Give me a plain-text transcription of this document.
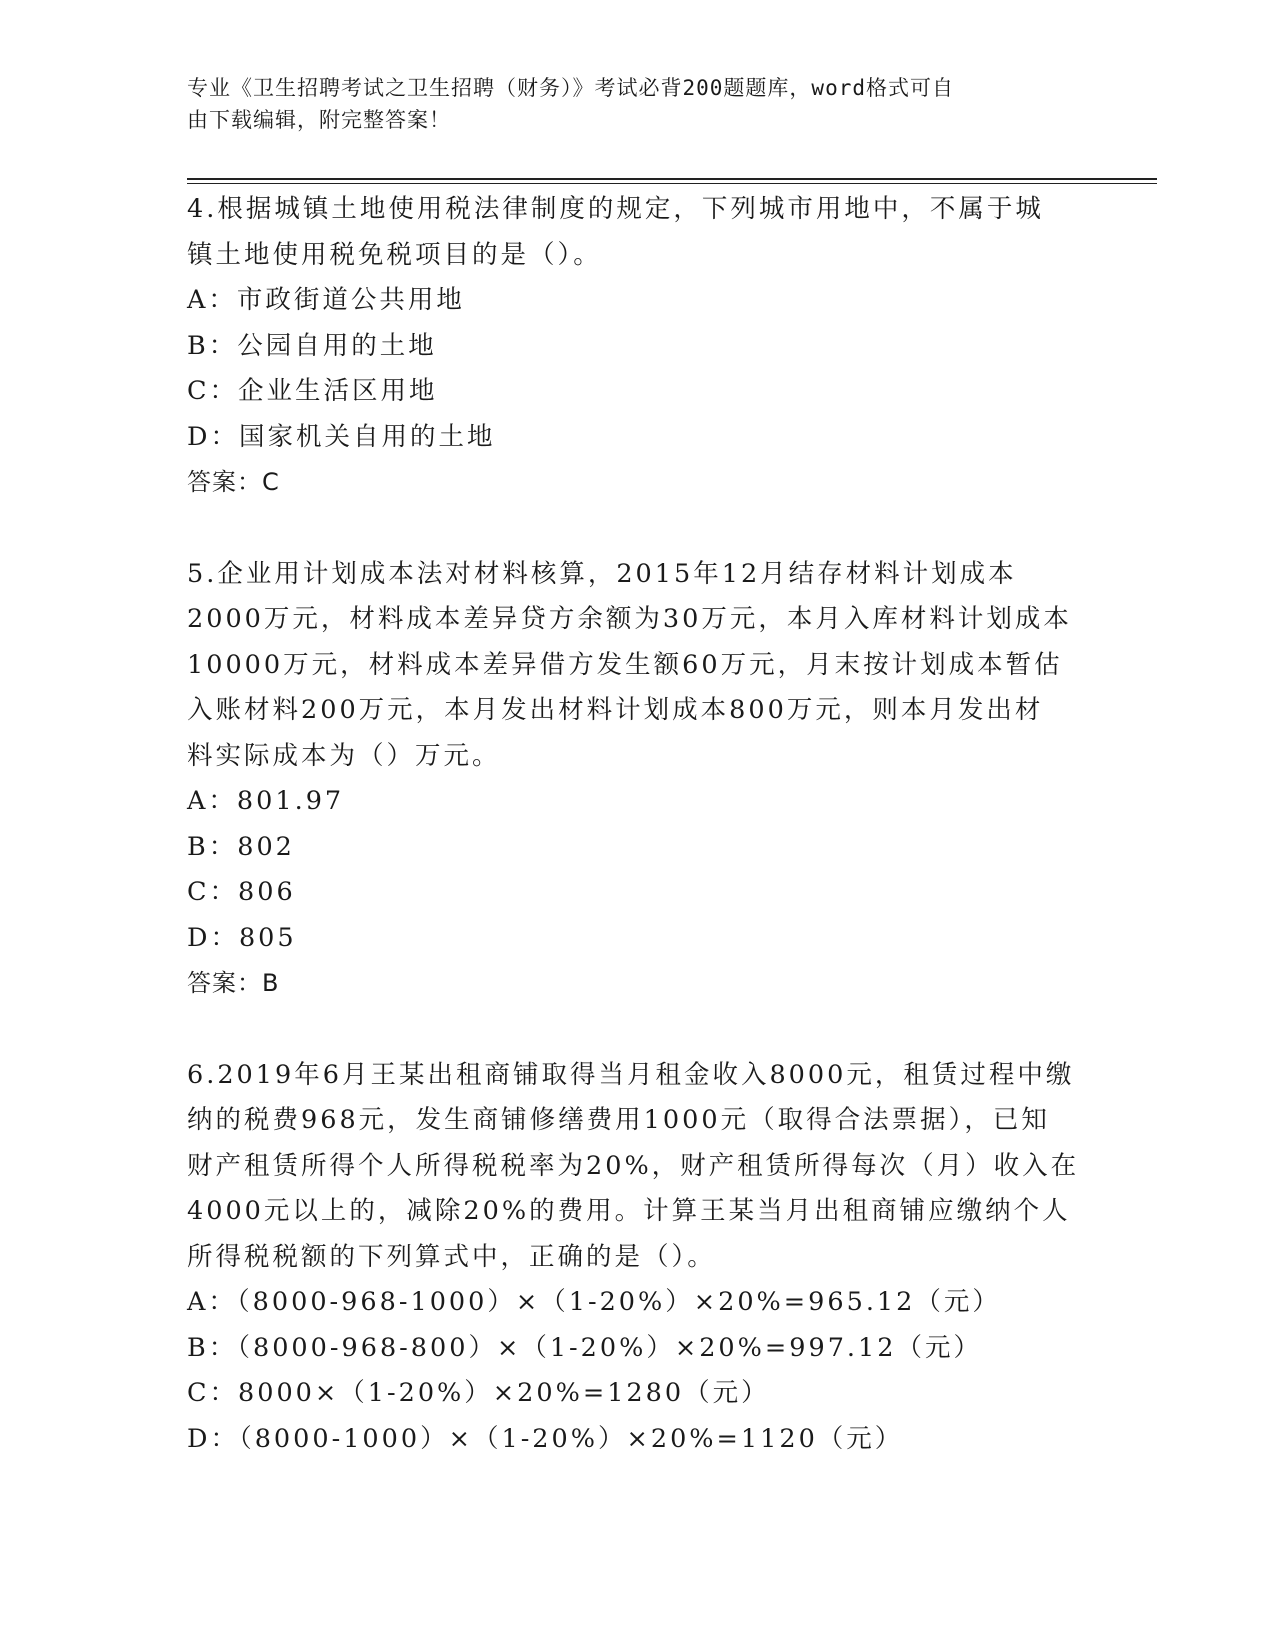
专业《卫生招聘考试之卫生招聘（财务）》考试必背200题题库，word格式可自
由下载编辑，附完整答案！
4.根据城镇土地使用税法律制度的规定，下列城市用地中，不属于城
镇土地使用税免税项目的是（）。
A：市政街道公共用地
B：公园自用的土地
C：企业生活区用地
D：国家机关自用的土地
答案：C
5.企业用计划成本法对材料核算，2015年12月结存材料计划成本
2000万元，材料成本差异贷方余额为30万元，本月入库材料计划成本
10000万元，材料成本差异借方发生额60万元，月末按计划成本暂估
入账材料200万元，本月发出材料计划成本800万元，则本月发出材
料实际成本为（）万元。
A：801.97
B：802
C：806
D：805
答案：B
6.2019年6月王某出租商铺取得当月租金收入8000元，租赁过程中缴
纳的税费968元，发生商铺修缮费用1000元（取得合法票据），已知
财产租赁所得个人所得税税率为20%，财产租赁所得每次（月）收入在
4000元以上的，减除20%的费用。计算王某当月出租商铺应缴纳个人
所得税税额的下列算式中，正确的是（）。
A：（8000-968-1000）×（1-20%）×20%=965.12（元）
B：（8000-968-800）×（1-20%）×20%=997.12（元）
C：8000×（1-20%）×20%=1280（元）
D：（8000-1000）×（1-20%）×20%=1120（元）
